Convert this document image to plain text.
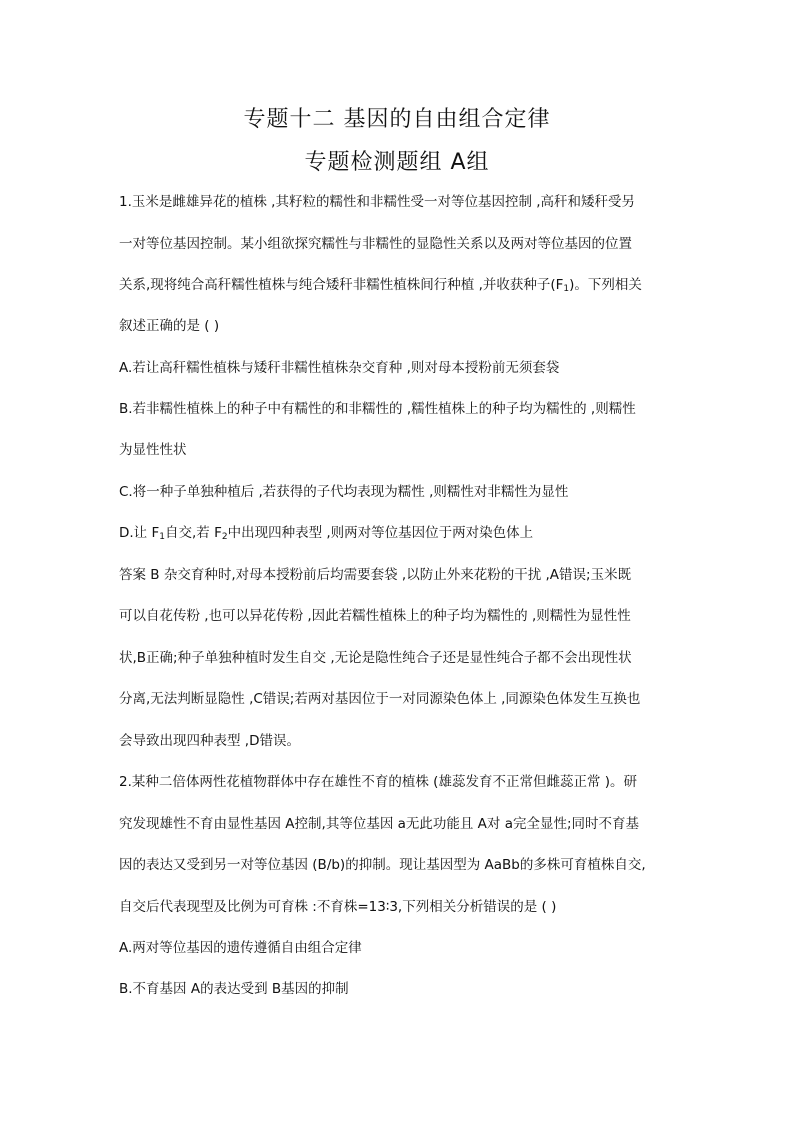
专题十二 基因的自由组合定律
专题检测题组 A组
1.玉米是雌雄异花的植株 ,其籽粒的糯性和非糯性受一对等位基因控制 ,高秆和矮秆受另
一对等位基因控制。某小组欲探究糯性与非糯性的显隐性关系以及两对等位基因的位置
关系,现将纯合高秆糯性植株与纯合矮秆非糯性植株间行种植 ,并收获种子$(F_1)$。下列相关
叙述正确的是 ( )
A.若让高秆糯性植株与矮秆非糯性植株杂交育种 ,则对母本授粉前无须套袋
B.若非糯性植株上的种子中有糯性的和非糯性的 ,糯性植株上的种子均为糯性的 ,则糯性
为显性性状
C.将一种子单独种植后 ,若获得的子代均表现为糯性 ,则糯性对非糯性为显性
D.让 $F_1$自交,若 $F_2$中出现四种表型 ,则两对等位基因位于两对染色体上
答案 B 杂交育种时,对母本授粉前后均需要套袋 ,以防止外来花粉的干扰 ,A错误;玉米既
可以自花传粉 ,也可以异花传粉 ,因此若糯性植株上的种子均为糯性的 ,则糯性为显性性
状,B正确;种子单独种植时发生自交 ,无论是隐性纯合子还是显性纯合子都不会出现性状
分离,无法判断显隐性 ,C错误;若两对基因位于一对同源染色体上 ,同源染色体发生互换也
会导致出现四种表型 ,D错误。
2.某种二倍体两性花植物群体中存在雄性不育的植株 (雄蕊发育不正常但雌蕊正常 )。研
究发现雄性不育由显性基因 A控制,其等位基因 a无此功能且 A对 a完全显性;同时不育基
因的表达又受到另一对等位基因 (B/b)的抑制。现让基因型为 AaBb的多株可育植株自交,
自交后代表现型及比例为可育株 :不育株=13∶3,下列相关分析错误的是 ( )
A.两对等位基因的遗传遵循自由组合定律
B.不育基因 A的表达受到 B基因的抑制
